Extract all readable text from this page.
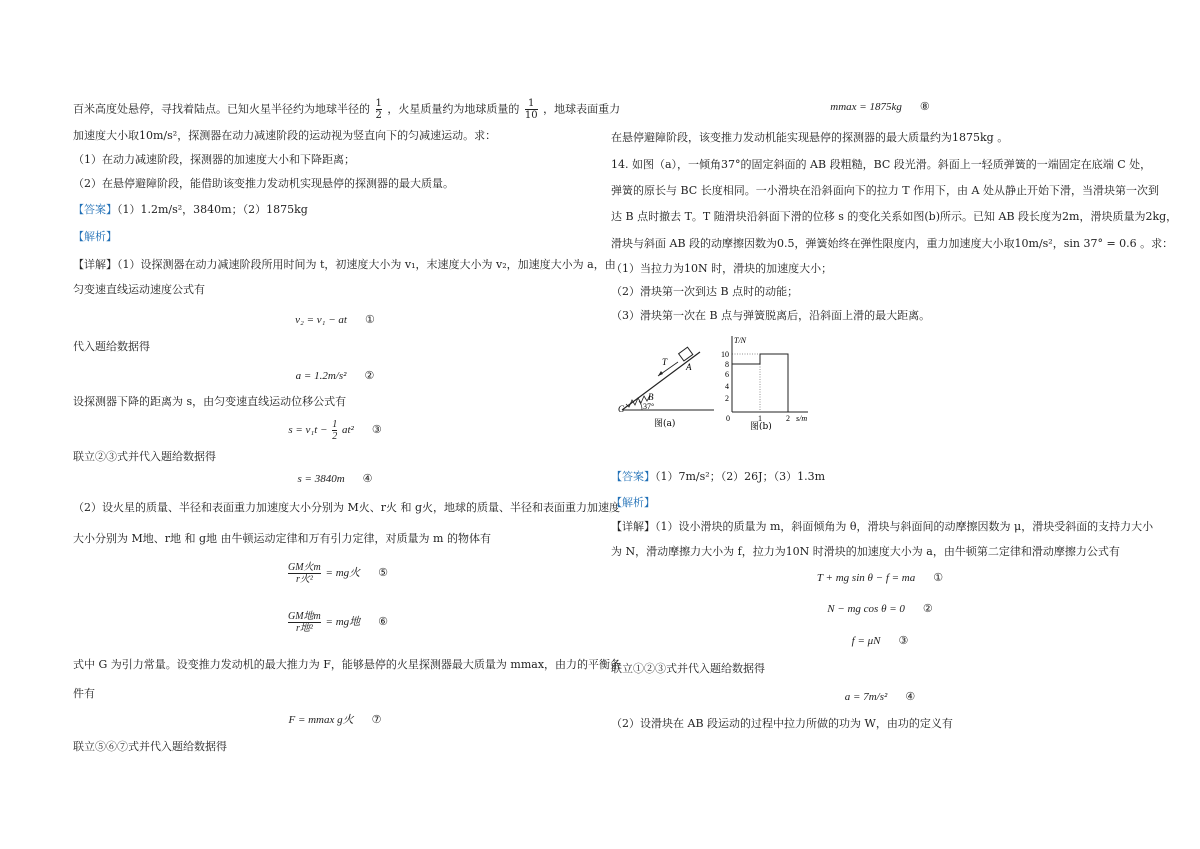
百米高度处悬停，寻找着陆点。已知火星半径约为地球半径的 $\frac{1}{2}$ ，火星质量约为地球质量的 $\frac{1}{10}$ ，地球表面重力
加速度大小取10m/s²，探测器在动力减速阶段的运动视为竖直向下的匀减速运动。求：
（1）在动力减速阶段，探测器的加速度大小和下降距离；
（2）在悬停避障阶段，能借助该变推力发动机实现悬停的探测器的最大质量。
【答案】（1）1.2m/s²，3840m；（2）1875kg
【解析】
【详解】（1）设探测器在动力减速阶段所用时间为 t，初速度大小为 v₁，末速度大小为 v₂，加速度大小为 a，由
匀变速直线运动速度公式有
v₂ = v₁ − at ①
代入题给数据得
a = 1.2m/s² ②
设探测器下降的距离为 s，由匀变速直线运动位移公式有
$s = v_1t - \frac{1}{2} at^2$ ③
联立②③式并代入题给数据得
s = 3840m ④
（2）设火星的质量、半径和表面重力加速度大小分别为 M火、r火 和 g火，地球的质量、半径和表面重力加速度
大小分别为 M地、r地 和 g地 由牛顿运动定律和万有引力定律，对质量为 m 的物体有
$\frac{\text{GM火m}}{\text{r火²}}$ = mg火 ⑤
$\frac{\text{GM地m}}{\text{r地²}}$ = mg地 ⑥
式中 G 为引力常量。设变推力发动机的最大推力为 F，能够悬停的火星探测器最大质量为 mmax，由力的平衡条
件有
F = mmax g火 ⑦
联立⑤⑥⑦式并代入题给数据得
mmax = 1875kg ⑧
在悬停避障阶段，该变推力发动机能实现悬停的探测器的最大质量约为1875kg 。
14. 如图（a），一倾角37°的固定斜面的 AB 段粗糙，BC 段光滑。斜面上一轻质弹簧的一端固定在底端 C 处，
弹簧的原长与 BC 长度相同。一小滑块在沿斜面向下的拉力 T 作用下，由 A 处从静止开始下滑，当滑块第一次到
达 B 点时撤去 T。T 随滑块沿斜面下滑的位移 s 的变化关系如图(b)所示。已知 AB 段长度为2m，滑块质量为2kg，
滑块与斜面 AB 段的动摩擦因数为0.5，弹簧始终在弹性限度内，重力加速度大小取10m/s²，sin 37° = 0.6 。求：
（1）当拉力为10N 时，滑块的加速度大小；
（2）滑块第一次到达 B 点时的动能；
（3）滑块第一次在 B 点与弹簧脱离后，沿斜面上滑的最大距离。
T A
B
C 37°
图(a)
T/N
10
8
6
4
2
0	1	2 s/m
图(b)
【答案】（1）7m/s²；（2）26J；（3）1.3m
【解析】
【详解】（1）设小滑块的质量为 m，斜面倾角为 θ，滑块与斜面间的动摩擦因数为 μ，滑块受斜面的支持力大小
为 N，滑动摩擦力大小为 f，拉力为10N 时滑块的加速度大小为 a，由牛顿第二定律和滑动摩擦力公式有
T + mg sin θ − f = ma ①
N − mg cos θ = 0 ②
f = μN ③
联立①②③式并代入题给数据得
a = 7m/s² ④
（2）设滑块在 AB 段运动的过程中拉力所做的功为 W，由功的定义有
